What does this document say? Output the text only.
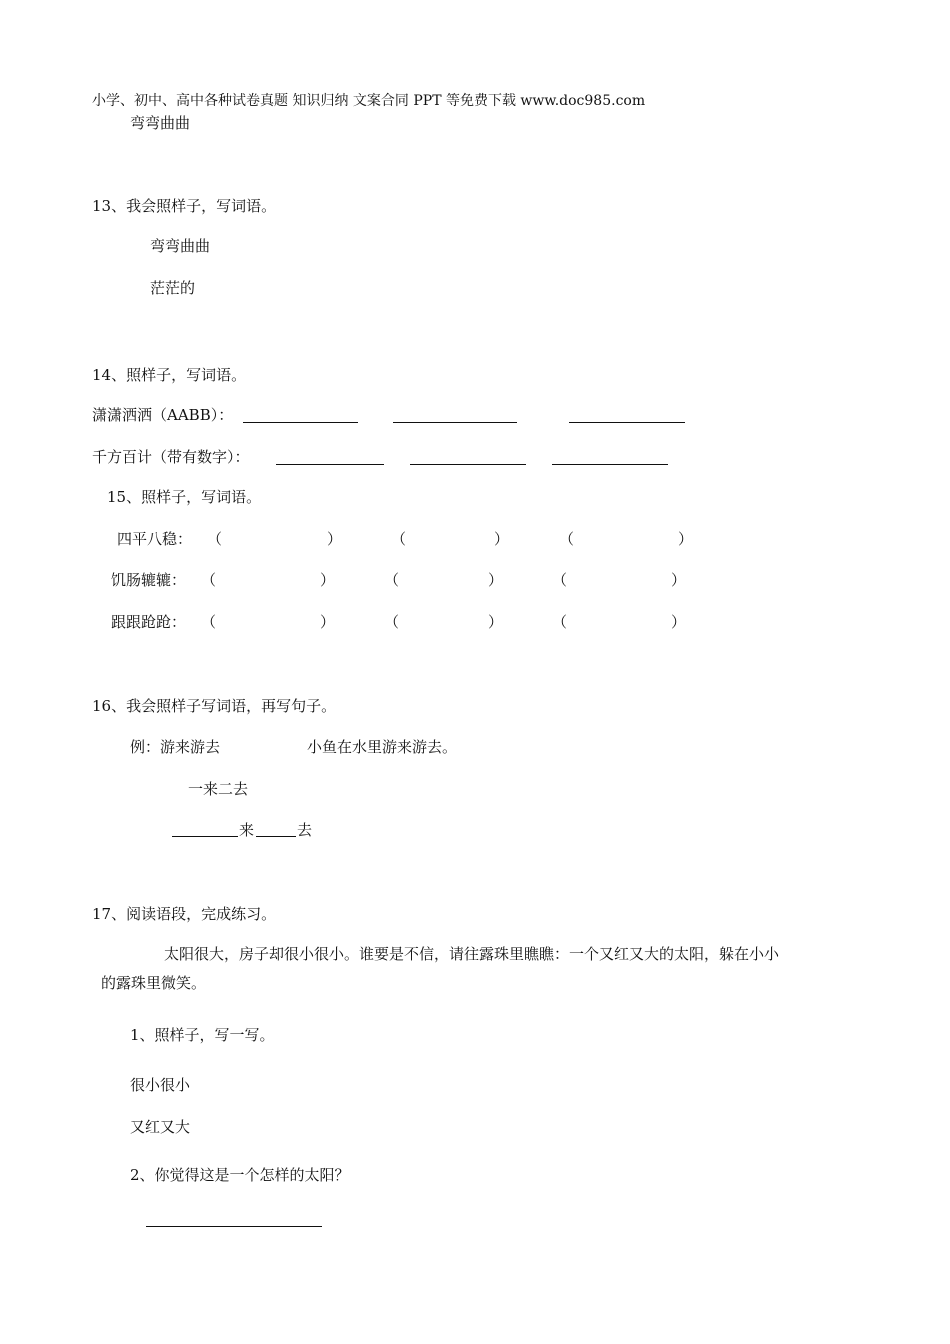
小学、初中、高中各种试卷真题 知识归纳 文案合同 PPT 等免费下载 www.doc985.com
弯弯曲曲
13、我会照样子，写词语。
弯弯曲曲
茫茫的
14、照样子，写词语。
潇潇洒洒（AABB）：
千方百计（带有数字）：
15、照样子，写词语。
四平八稳： （	）	（	）	（	）
饥肠辘辘： （	）	（	）	（	）
跟跟跄跄： （	）	（	）	（	）
16、我会照样子写词语，再写句子。
例：游来游去	小鱼在水里游来游去。
一来二去
来	去
17、阅读语段，完成练习。
太阳很大，房子却很小很小。谁要是不信，请往露珠里瞧瞧：一个又红又大的太阳，躲在小小
的露珠里微笑。
1、照样子，写一写。
很小很小
又红又大
2、你觉得这是一个怎样的太阳？
